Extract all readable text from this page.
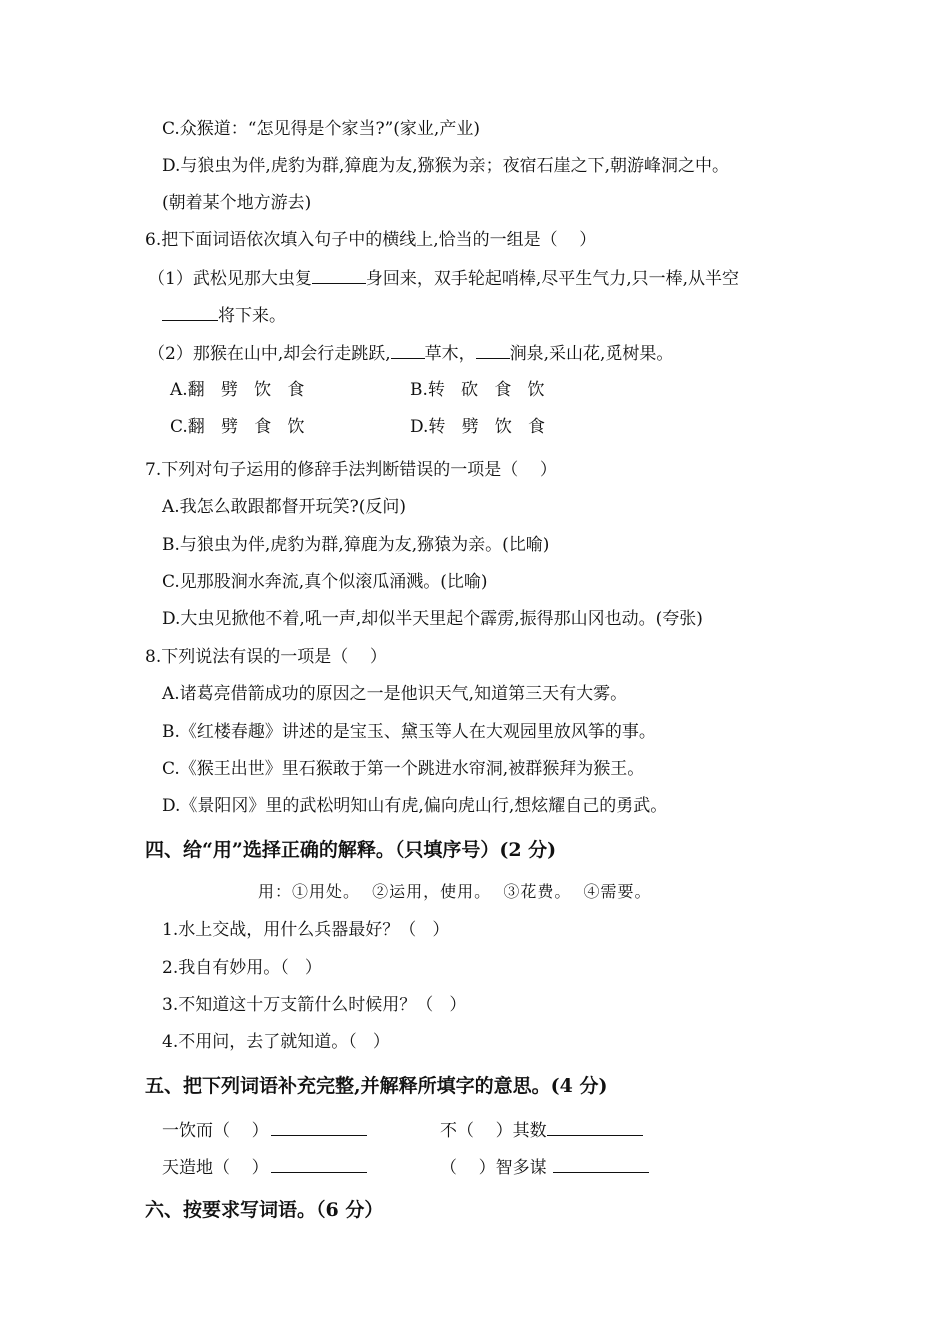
C.众猴道：“怎见得是个家当?”(家业,产业)
D.与狼虫为伴,虎豹为群,獐鹿为友,猕猴为亲；夜宿石崖之下,朝游峰洞之中。
(朝着某个地方游去)
6.把下面词语依次填入句子中的横线上,恰当的一组是（    ）
（1）武松见那大虫复	身回来，双手轮起哨棒,尽平生气力,只一棒,从半空
将下来。
（2）那猴在山中,却会行走跳跃, 草木， 涧泉,采山花,觅树果。
A.翻   劈   饮   食	B.转   砍   食   饮
C.翻   劈   食   饮	D.转   劈   饮   食
7.下列对句子运用的修辞手法判断错误的一项是（    ）
A.我怎么敢跟都督开玩笑?(反问)
B.与狼虫为伴,虎豹为群,獐鹿为友,猕猿为亲。(比喻)
C.见那股涧水奔流,真个似滚瓜涌溅。(比喻)
D.大虫见掀他不着,吼一声,却似半天里起个霹雳,振得那山冈也动。(夸张)
8.下列说法有误的一项是（    ）
A.诸葛亮借箭成功的原因之一是他识天气,知道第三天有大雾。
B.《红楼春趣》讲述的是宝玉、黛玉等人在大观园里放风筝的事。
C.《猴王出世》里石猴敢于第一个跳进水帘洞,被群猴拜为猴王。
D.《景阳冈》里的武松明知山有虎,偏向虎山行,想炫耀自己的勇武。
四、给“用”选择正确的解释。（只填序号）(2 分)
用：①用处。  ②运用，使用。  ③花费。  ④需要。
1.水上交战，用什么兵器最好？（   ）
2.我自有妙用。（   ）
3.不知道这十万支箭什么时候用？（   ）
4.不用问，去了就知道。（   ）
五、把下列词语补充完整,并解释所填字的意思。(4 分)
一饮而（    ）	不（    ）其数
天造地（    ）	（    ）智多谋
六、按要求写词语。（6 分）
